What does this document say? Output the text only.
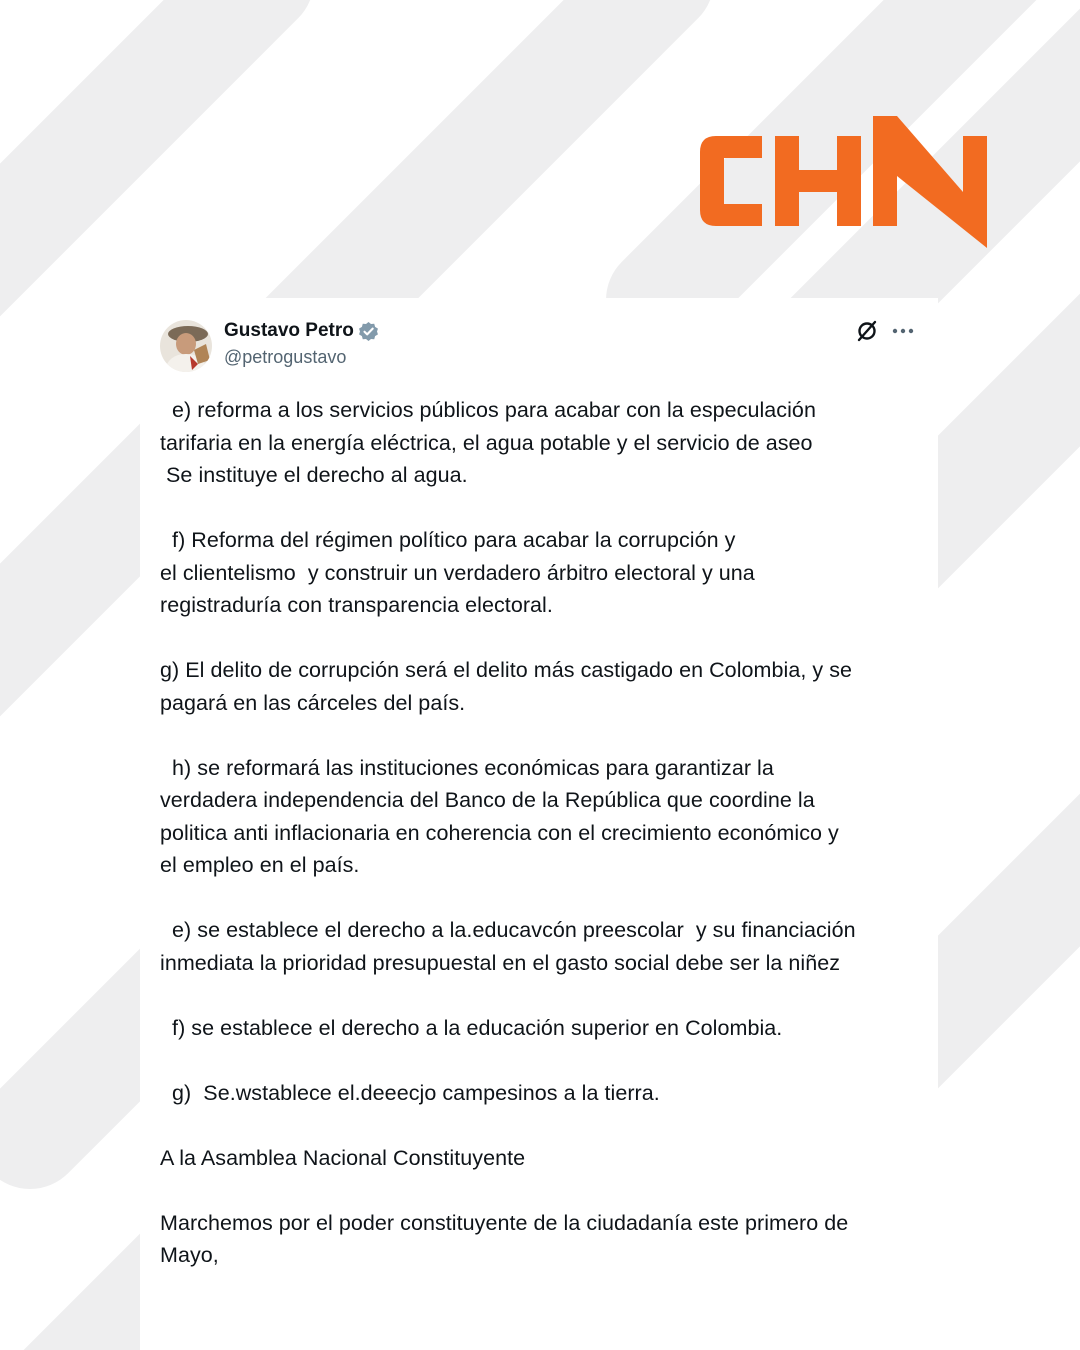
Gustavo Petro
@petrogustavo

e) reforma a los servicios públicos para acabar con la especulación
tarifaria en la energía eléctrica, el agua potable y el servicio de aseo
Se instituye el derecho al agua.

f) Reforma del régimen político para acabar la corrupción y
el clientelismo  y construir un verdadero árbitro electoral y una
registraduría con transparencia electoral.

g) El delito de corrupción será el delito más castigado en Colombia, y se
pagará en las cárceles del país.

h) se reformará las instituciones económicas para garantizar la
verdadera independencia del Banco de la República que coordine la
politica anti inflacionaria en coherencia con el crecimiento económico y
el empleo en el país.

e) se establece el derecho a la.educavcón preescolar  y su financiación
inmediata la prioridad presupuestal en el gasto social debe ser la niñez

f) se establece el derecho a la educación superior en Colombia.

g)  Se.wstablece el.deeecjo campesinos a la tierra.

A la Asamblea Nacional Constituyente

Marchemos por el poder constituyente de la ciudadanía este primero de
Mayo,
